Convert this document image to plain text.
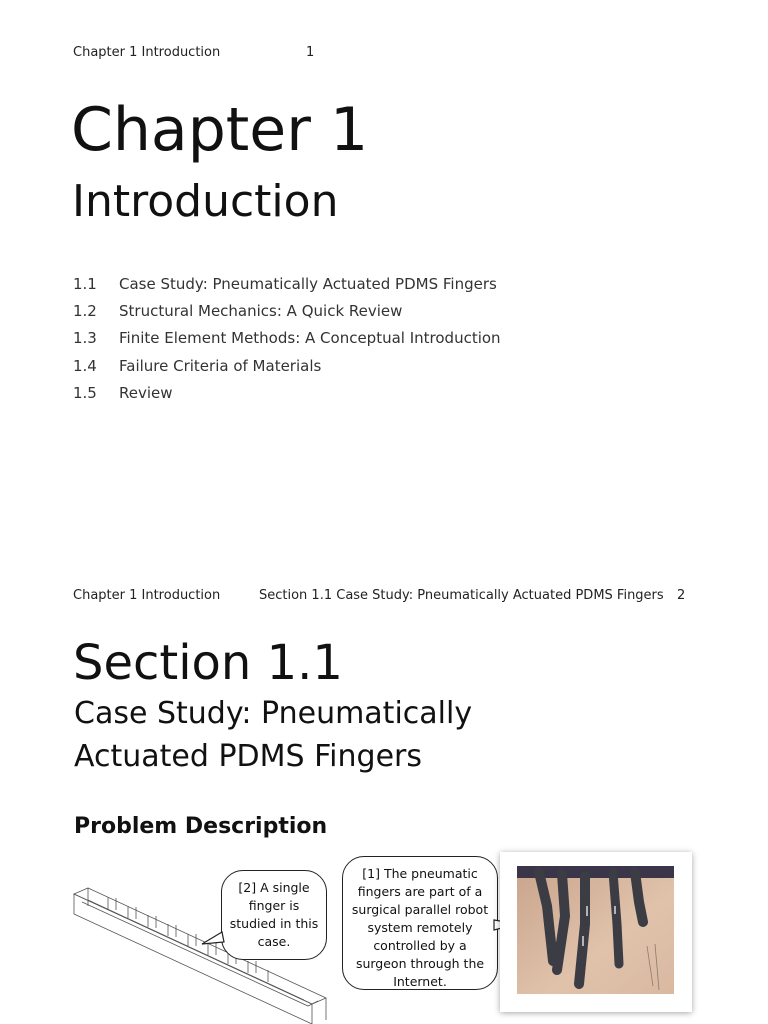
Chapter 1 Introduction	1
Chapter 1
Introduction
1.1	Case Study: Pneumatically Actuated PDMS Fingers
1.2	Structural Mechanics: A Quick Review
1.3	Finite Element Methods: A Conceptual Introduction
1.4	Failure Criteria of Materials
1.5	Review
Chapter 1 Introduction	Section 1.1 Case Study: Pneumatically Actuated PDMS Fingers 2
Section 1.1
Case Study: Pneumatically Actuated PDMS Fingers
Problem Description
[2] A single finger is studied in this case.
[1] The pneumatic fingers are part of a surgical parallel robot system remotely controlled by a surgeon through the Internet.
